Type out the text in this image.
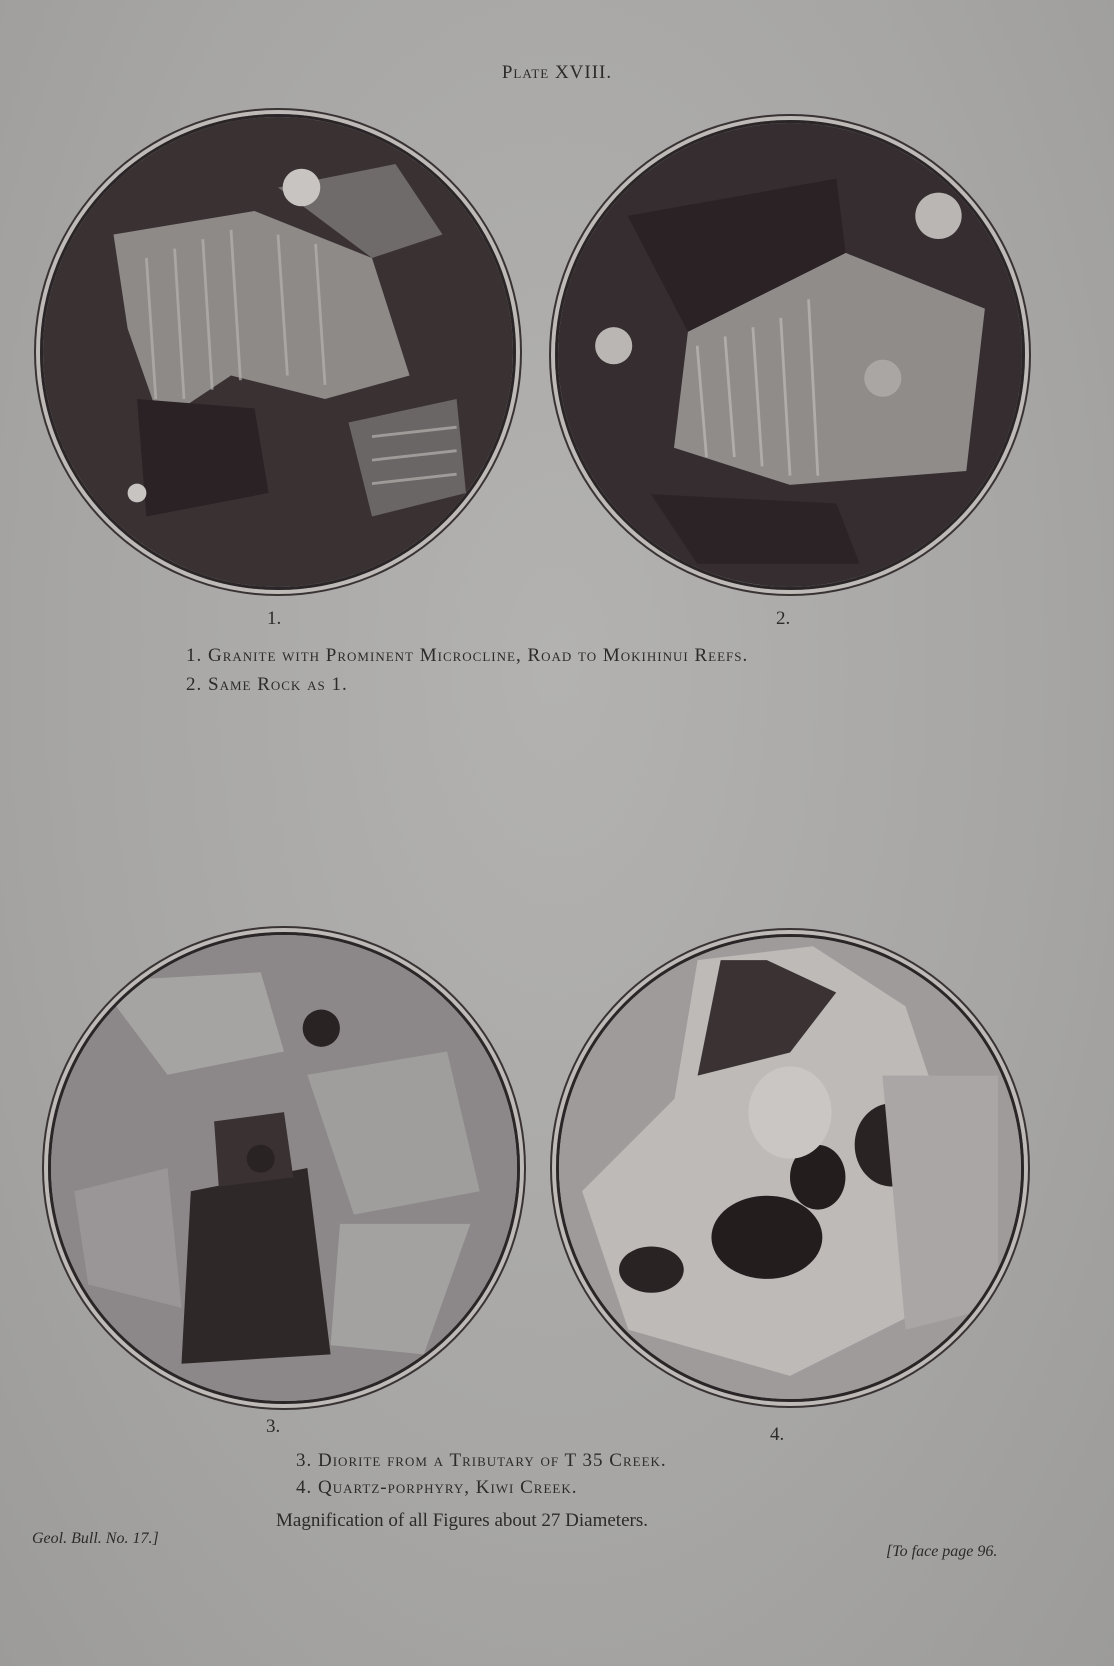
Plate XVIII.
1.	2.
1. Granite with Prominent Microcline, Road to Mokihinui Reefs.
2. Same Rock as 1.
3.	4.
3. Diorite from a Tributary of T 35 Creek.
4. Quartz-porphyry, Kiwi Creek.
Magnification of all Figures about 27 Diameters.
Geol. Bull. No. 17.]
[To face page 96.
